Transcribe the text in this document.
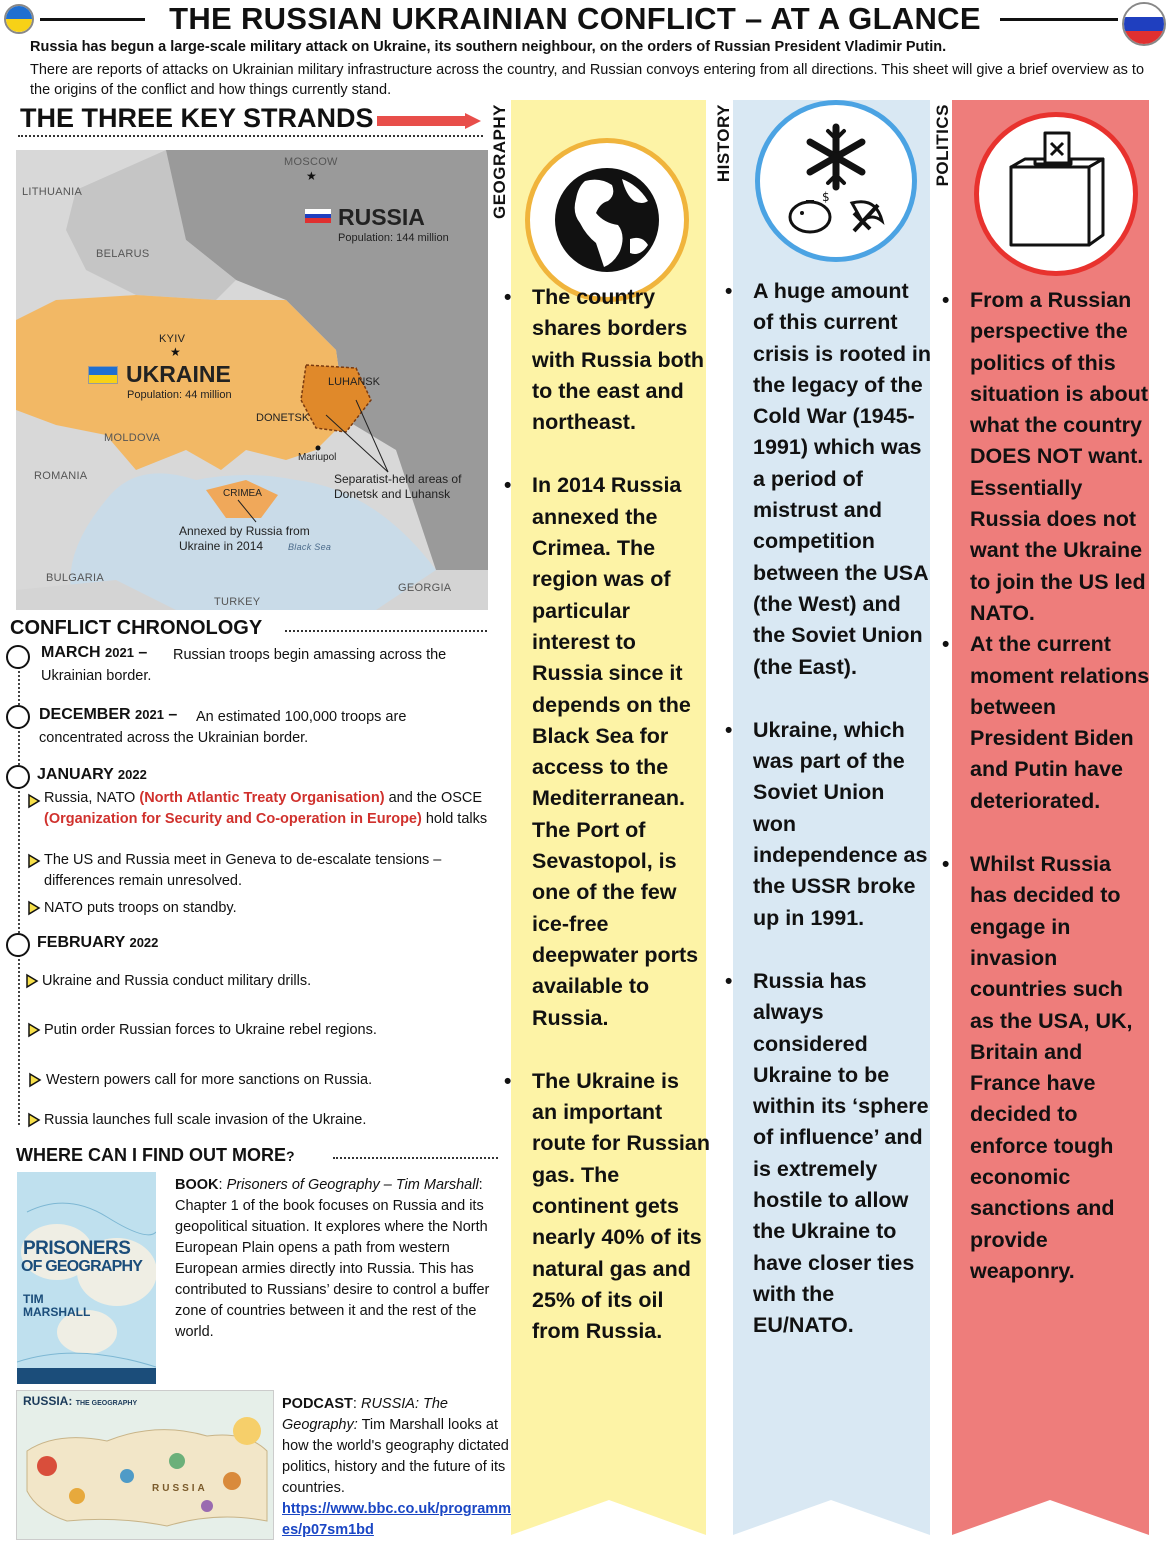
THE RUSSIAN UKRAINIAN CONFLICT – AT A GLANCE
Russia has begun a large-scale military attack on Ukraine, its southern neighbour, on the orders of Russian President Vladimir Putin.
There are reports of attacks on Ukrainian military infrastructure across the country, and Russian convoys entering from all directions. This sheet will give a brief overview as to the origins of the conflict and how things currently stand.
THE THREE KEY STRANDS
★
★
MOSCOW
LITHUANIA
RUSSIA
Population: 144 million
BELARUS
KYIV
UKRAINE
Population: 44 million
LUHANSK
DONETSK
MOLDOVA
Mariupol
Separatist-held areas of Donetsk and Luhansk
ROMANIA
CRIMEA
Annexed by Russia from Ukraine in 2014	Black Sea
BULGARIA
TURKEY
GEORGIA
CONFLICT CHRONOLOGY
MARCH 2021 –	Russian troops begin amassing across the Ukrainian border.
DECEMBER 2021 –	An estimated 100,000 troops are concentrated across the Ukrainian border.
JANUARY 2022
Russia, NATO (North Atlantic Treaty Organisation) and the OSCE (Organization for Security and Co-operation in Europe) hold talks
The US and Russia meet in Geneva to de-escalate tensions – differences remain unresolved.
NATO puts troops on standby.
FEBRUARY 2022
Ukraine and Russia conduct military drills.
Putin order Russian forces to Ukraine rebel regions.
Western powers call for more sanctions on Russia.
Russia launches full scale invasion of the Ukraine.
WHERE CAN I FIND OUT MORE?
PRISONERS
OF GEOGRAPHY
TIM
MARSHALL
BOOK: Prisoners of Geography – Tim Marshall:
Chapter 1 of the book focuses on Russia and its geopolitical situation. It explores where the North European Plain opens a path from western European armies directly into Russia. This has contributed to Russians’ desire to control a buffer zone of countries between it and the rest of the world.
RUSSIA: THE GEOGRAPHY
RUSSIA
PODCAST: RUSSIA: The Geography: Tim Marshall looks at how the world's geography dictated politics, history and the future of its countries.
https://www.bbc.co.uk/programmes/p07sm1bd
GEOGRAPHY
• The country shares borders with Russia both to the east and northeast.
• In 2014 Russia annexed the Crimea. The region was of particular interest to Russia since it depends on the Black Sea for access to the Mediterranean. The Port of Sevastopol, is one of the few ice-free deepwater ports available to Russia.
• The Ukraine is an important route for Russian gas. The continent gets nearly 40% of its natural gas and 25% of its oil from Russia.
HISTORY
$
• A huge amount of this current crisis is rooted in the legacy of the Cold War (1945-1991) which was a period of mistrust and competition between the USA (the West) and the Soviet Union (the East).
• Ukraine, which was part of the Soviet Union won independence as the USSR broke up in 1991.
• Russia has always considered Ukraine to be within its ‘sphere of influence’ and is extremely hostile to allow the Ukraine to have closer ties with the EU/NATO.
POLITICS
• From a Russian perspective the politics of this situation is about what the country DOES NOT want. Essentially Russia does not want the Ukraine to join the US led NATO.
• At the current moment relations between President Biden and Putin have deteriorated.
• Whilst Russia has decided to engage in invasion countries such as the USA, UK, Britain and France have decided to enforce tough economic sanctions and provide weaponry.
